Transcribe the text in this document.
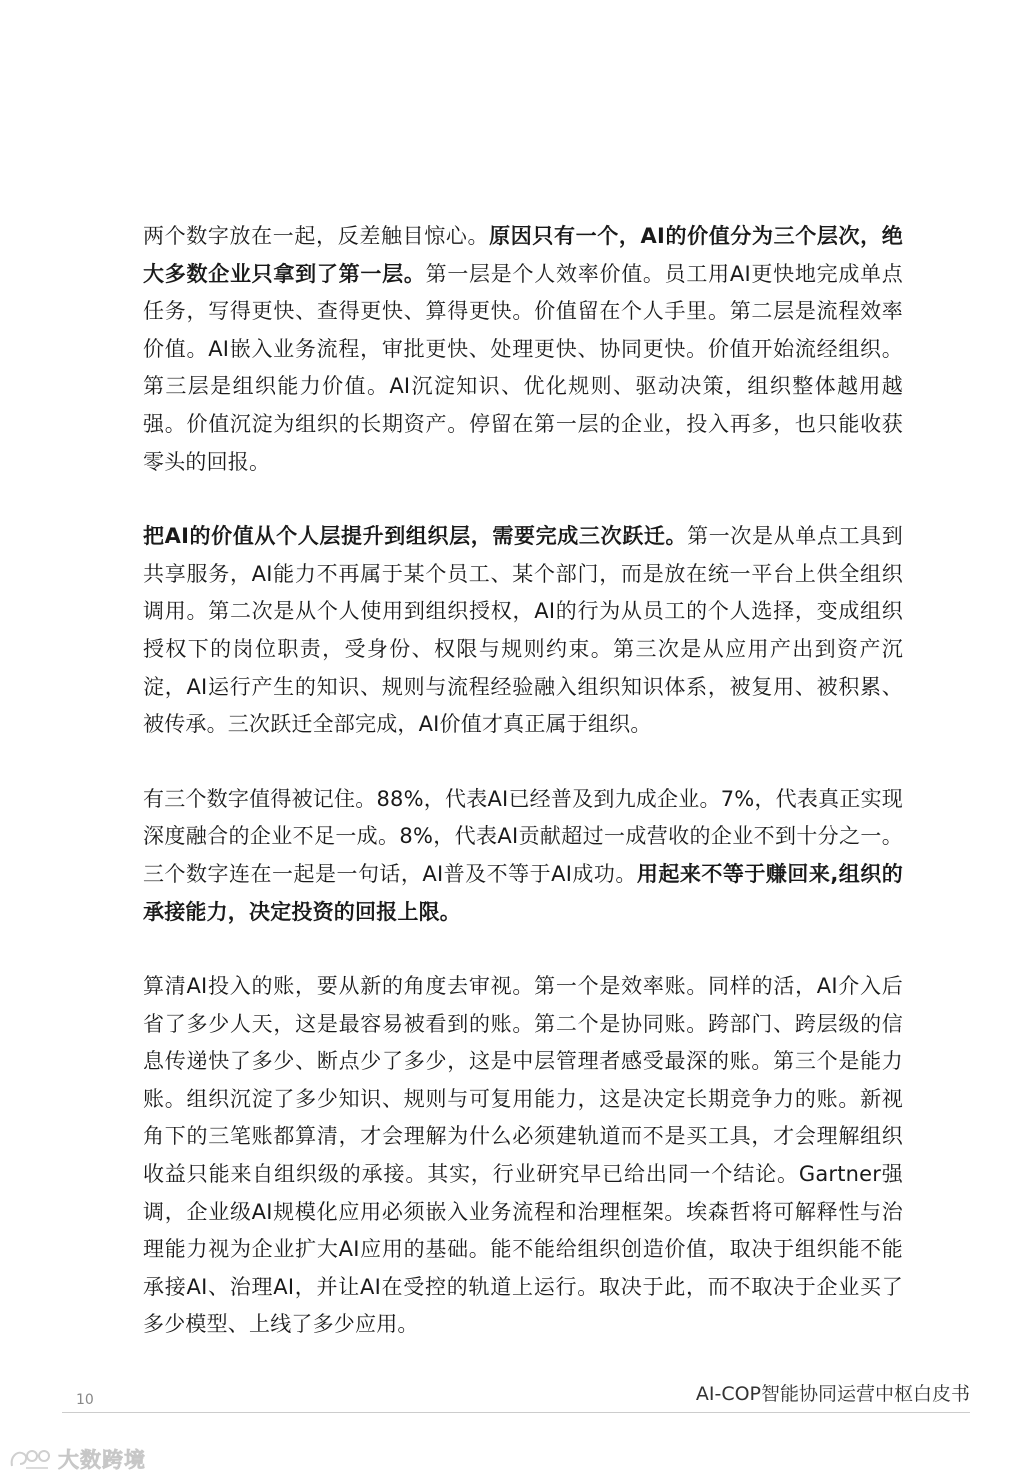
两个数字放在一起，反差触目惊心。原因只有一个，AI的价值分为三个层次，绝大多数企业只拿到了第一层。第一层是个人效率价值。员工用AI更快地完成单点任务，写得更快、查得更快、算得更快。价值留在个人手里。第二层是流程效率价值。AI嵌入业务流程，审批更快、处理更快、协同更快。价值开始流经组织。第三层是组织能力价值。AI沉淀知识、优化规则、驱动决策，组织整体越用越强。价值沉淀为组织的长期资产。停留在第一层的企业，投入再多，也只能收获零头的回报。

把AI的价值从个人层提升到组织层，需要完成三次跃迁。第一次是从单点工具到共享服务，AI能力不再属于某个员工、某个部门，而是放在统一平台上供全组织调用。第二次是从个人使用到组织授权，AI的行为从员工的个人选择，变成组织授权下的岗位职责，受身份、权限与规则约束。第三次是从应用产出到资产沉淀，AI运行产生的知识、规则与流程经验融入组织知识体系，被复用、被积累、被传承。三次跃迁全部完成，AI价值才真正属于组织。

有三个数字值得被记住。88%，代表AI已经普及到九成企业。7%，代表真正实现深度融合的企业不足一成。8%，代表AI贡献超过一成营收的企业不到十分之一。三个数字连在一起是一句话，AI普及不等于AI成功。用起来不等于赚回来,组织的承接能力，决定投资的回报上限。

算清AI投入的账，要从新的角度去审视。第一个是效率账。同样的活，AI介入后省了多少人天，这是最容易被看到的账。第二个是协同账。跨部门、跨层级的信息传递快了多少、断点少了多少，这是中层管理者感受最深的账。第三个是能力账。组织沉淀了多少知识、规则与可复用能力，这是决定长期竞争力的账。新视角下的三笔账都算清，才会理解为什么必须建轨道而不是买工具，才会理解组织收益只能来自组织级的承接。其实，行业研究早已给出同一个结论。Gartner强调，企业级AI规模化应用必须嵌入业务流程和治理框架。埃森哲将可解释性与治理能力视为企业扩大AI应用的基础。能不能给组织创造价值，取决于组织能不能承接AI、治理AI，并让AI在受控的轨道上运行。取决于此，而不取决于企业买了多少模型、上线了多少应用。

10	AI-COP智能协同运营中枢白皮书
大数跨境
